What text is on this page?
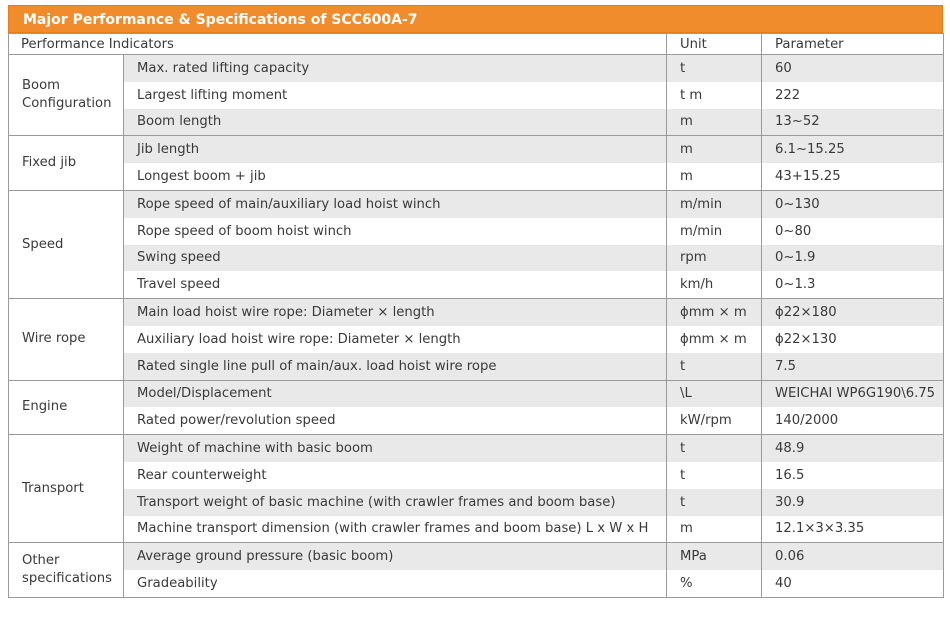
Major Performance & Specifications of SCC600A-7
Performance Indicators		Unit	Parameter

Boom
Configuration	Max. rated lifting capacity	t	60
	Largest lifting moment	t m	222
	Boom length	m	13~52

Fixed jib	Jib length	m	6.1~15.25
	Longest boom + jib	m	43+15.25

Speed	Rope speed of main/auxiliary load hoist winch	m/min	0~130
	Rope speed of boom hoist winch	m/min	0~80
	Swing speed	rpm	0~1.9
	Travel speed	km/h	0~1.3

Wire rope	Main load hoist wire rope: Diameter × length	ϕmm × m	ϕ22×180
	Auxiliary load hoist wire rope: Diameter × length	ϕmm × m	ϕ22×130
	Rated single line pull of main/aux. load hoist wire rope	t	7.5

Engine	Model/Displacement	\L	WEICHAI WP6G190\6.75
	Rated power/revolution speed	kW/rpm	140/2000

Transport	Weight of machine with basic boom	t	48.9
	Rear counterweight	t	16.5
	Transport weight of basic machine (with crawler frames and boom base)	t	30.9
	Machine transport dimension (with crawler frames and boom base) L x W x H	m	12.1×3×3.35

Other
specifications	Average ground pressure (basic boom)	MPa	0.06
	Gradeability	%	40
